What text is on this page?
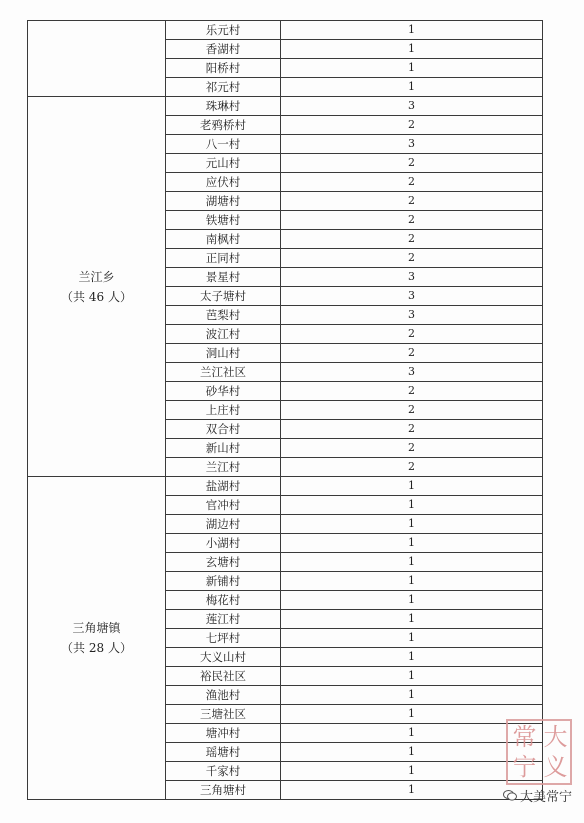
	乐元村	1
	香湖村	1
	阳桥村	1
	祁元村	1

兰江乡
（共 46 人）	珠琳村	3
	老鸦桥村	2
	八一村	3
	元山村	2
	应伏村	2
	湖塘村	2
	铁塘村	2
	南枫村	2
	正同村	2
	景星村	3
	太子塘村	3
	芭梨村	3
	波江村	2
	洞山村	2
	兰江社区	3
	砂华村	2
	上庄村	2
	双合村	2
	新山村	2
	兰江村	2

三角塘镇
（共 28 人）	盐湖村	1
	官冲村	1
	湖边村	1
	小湖村	1
	玄塘村	1
	新铺村	1
	梅花村	1
	莲江村	1
	七坪村	1
	大义山村	1
	裕民社区	1
	渔池村	1
	三塘社区	1
	塘冲村	1
	瑶塘村	1
	千家村	1
	三角塘村	1
常 大
宁 义
大美常宁
